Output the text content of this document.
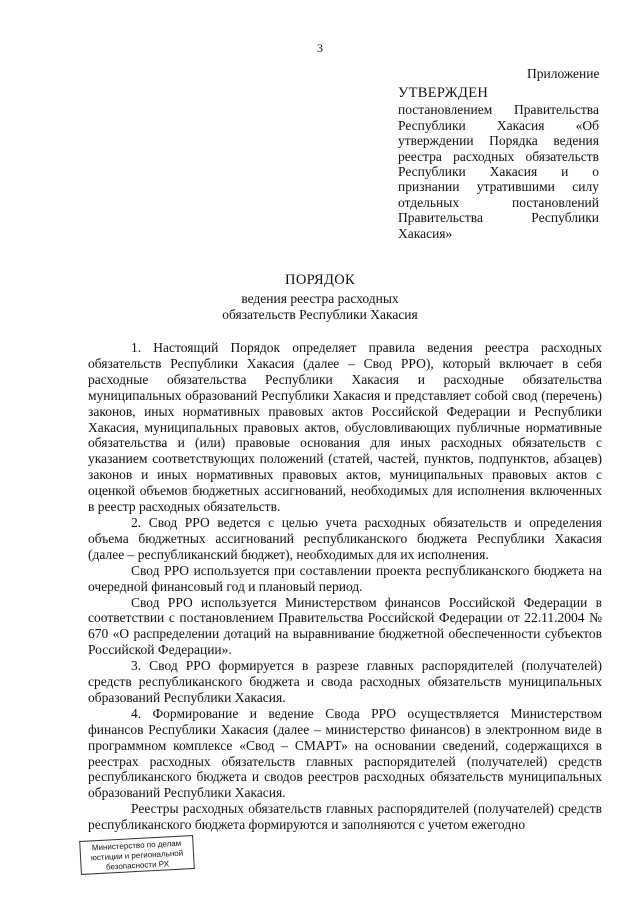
3
Приложение
УТВЕРЖДЕН
постановлением Правительства Республики Хакасия «Об утверждении Порядка ведения реестра расходных обязательств Республики Хакасия и о признании утратившими силу отдельных постановлений Правительства Республики Хакасия»
ПОРЯДОК
ведения реестра расходных
обязательств Республики Хакасия

1. Настоящий Порядок определяет правила ведения реестра расходных обязательств Республики Хакасия (далее – Свод РРО), который включает в себя расходные обязательства Республики Хакасия и расходные обязательства муниципальных образований Республики Хакасия и представляет собой свод (перечень) законов, иных нормативных правовых актов Российской Федерации и Республики Хакасия, муниципальных правовых актов, обусловливающих публичные нормативные обязательства и (или) правовые основания для иных расходных обязательств с указанием соответствующих положений (статей, частей, пунктов, подпунктов, абзацев) законов и иных нормативных правовых актов, муниципальных правовых актов с оценкой объемов бюджетных ассигнований, необходимых для исполнения включенных в реестр расходных обязательств.

2. Свод РРО ведется с целью учета расходных обязательств и определения объема бюджетных ассигнований республиканского бюджета Республики Хакасия (далее – республиканский бюджет), необходимых для их исполнения.

Свод РРО используется при составлении проекта республиканского бюджета на очередной финансовый год и плановый период.

Свод РРО используется Министерством финансов Российской Федерации в соответствии с постановлением Правительства Российской Федерации от 22.11.2004 № 670 «О распределении дотаций на выравнивание бюджетной обеспеченности субъектов Российской Федерации».

3. Свод РРО формируется в разрезе главных распорядителей (получателей) средств республиканского бюджета и свода расходных обязательств муниципальных образований Республики Хакасия.

4. Формирование и ведение Свода РРО осуществляется Министерством финансов Республики Хакасия (далее – министерство финансов) в электронном виде в программном комплексе «Свод – СМАРТ» на основании сведений, содержащихся в реестрах расходных обязательств главных распорядителей (получателей) средств республиканского бюджета и сводов реестров расходных обязательств муниципальных образований Республики Хакасия.

Реестры расходных обязательств главных распорядителей (получателей) средств республиканского бюджета формируются и заполняются с учетом ежегодно

Министерство по делам
юстиции и региональной
безопасности РХ
